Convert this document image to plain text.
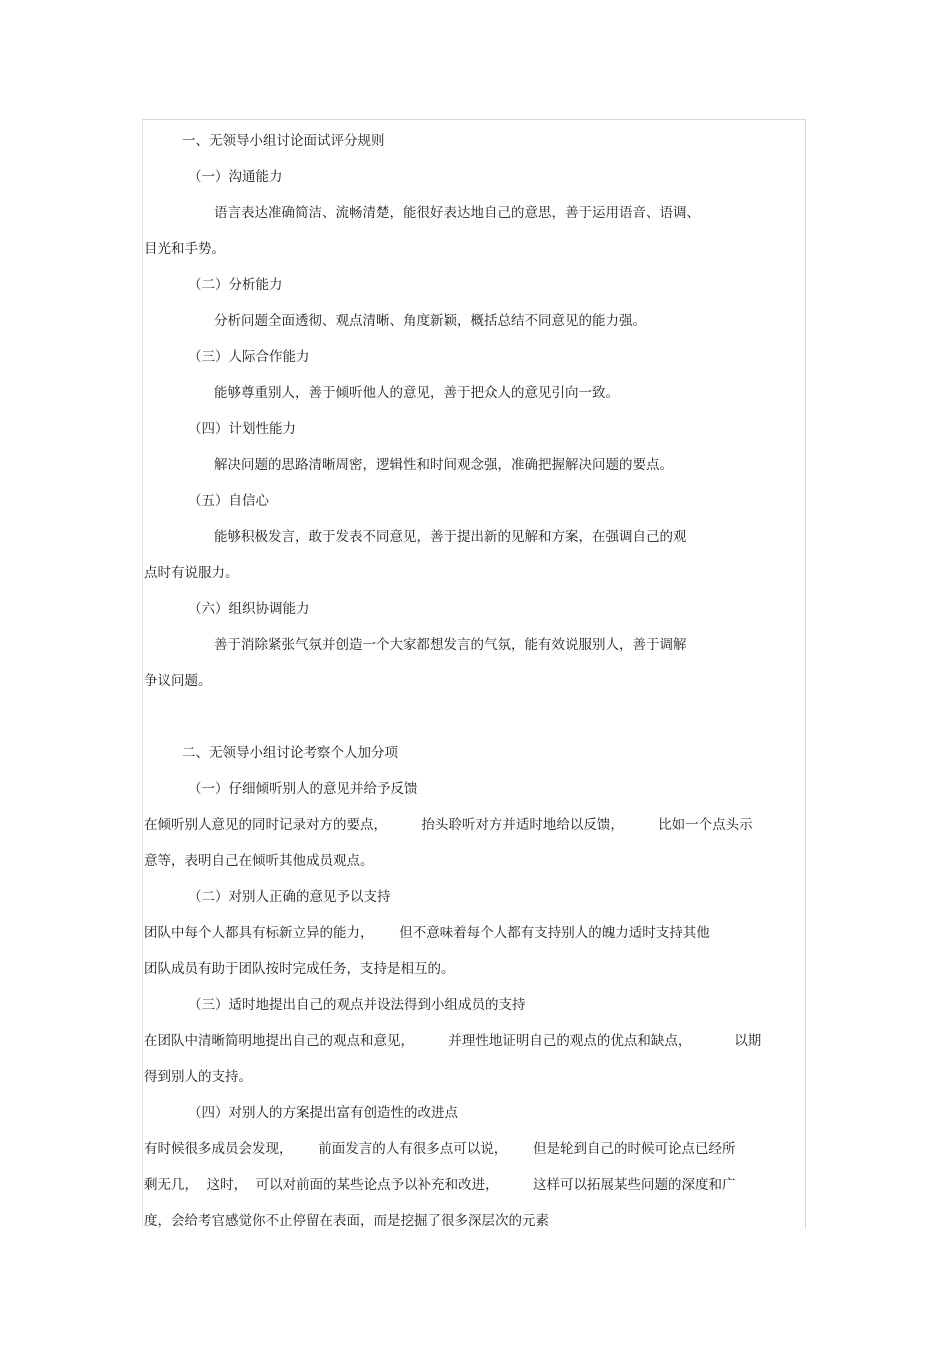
一、无领导小组讨论面试评分规则
（一）沟通能力
语言表达准确简洁、流畅清楚，能很好表达地自己的意思，善于运用语音、语调、
目光和手势。
（二）分析能力
分析问题全面透彻、观点清晰、角度新颖，概括总结不同意见的能力强。
（三）人际合作能力
能够尊重别人，善于倾听他人的意见，善于把众人的意见引向一致。
（四）计划性能力
解决问题的思路清晰周密，逻辑性和时间观念强，准确把握解决问题的要点。
（五）自信心
能够积极发言，敢于发表不同意见，善于提出新的见解和方案，在强调自己的观
点时有说服力。
（六）组织协调能力
善于消除紧张气氛并创造一个大家都想发言的气氛，能有效说服别人，善于调解
争议问题。
二、无领导小组讨论考察个人加分项
（一）仔细倾听别人的意见并给予反馈
在倾听别人意见的同时记录对方的要点，        抬头聆听对方并适时地给以反馈，        比如一个点头示
意等，表明自己在倾听其他成员观点。
（二）对别人正确的意见予以支持
团队中每个人都具有标新立异的能力，      但不意味着每个人都有支持别人的魄力适时支持其他
团队成员有助于团队按时完成任务，支持是相互的。
（三）适时地提出自己的观点并设法得到小组成员的支持
在团队中清晰简明地提出自己的观点和意见，        并理性地证明自己的观点的优点和缺点，          以期
得到别人的支持。
（四）对别人的方案提出富有创造性的改进点
有时候很多成员会发现，      前面发言的人有很多点可以说，      但是轮到自己的时候可论点已经所
剩无几，  这时，  可以对前面的某些论点予以补充和改进，        这样可以拓展某些问题的深度和广
度，会给考官感觉你不止停留在表面，而是挖掘了很多深层次的元素
